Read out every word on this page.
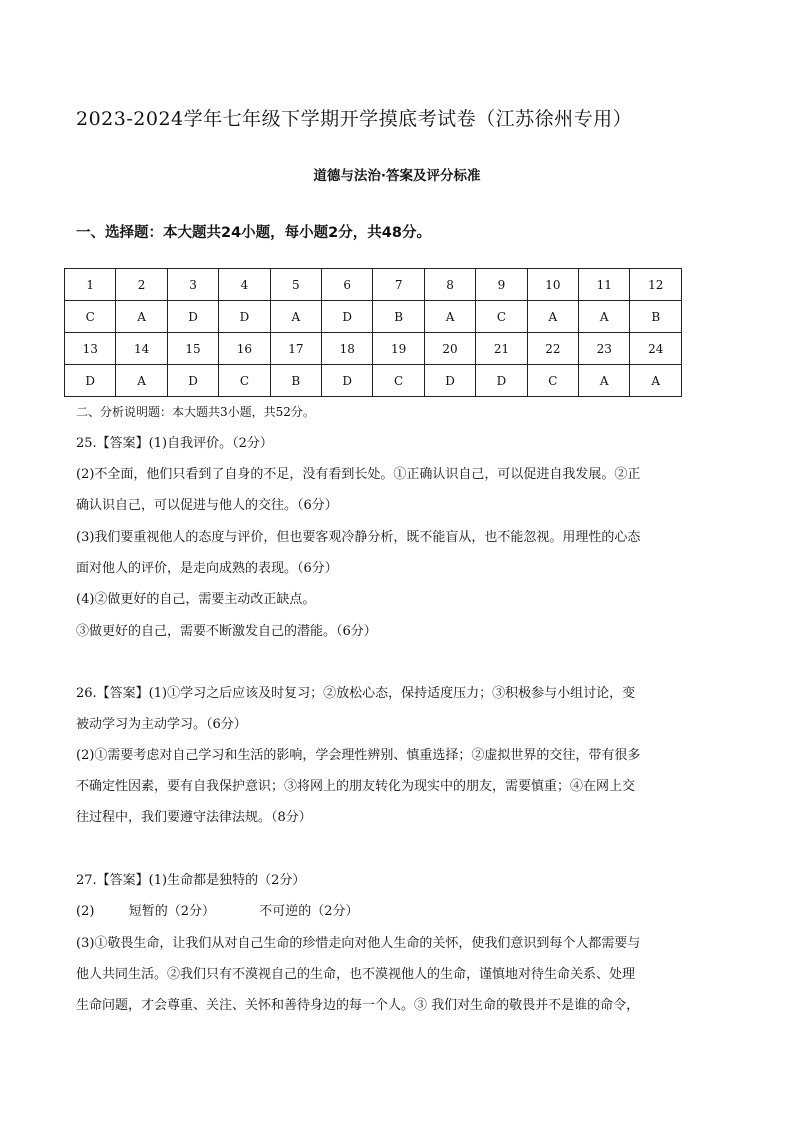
2023-2024学年七年级下学期开学摸底考试卷（江苏徐州专用）
道德与法治·答案及评分标准
一、选择题：本大题共24小题，每小题2分，共48分。
1	2	3	4	5	6	7	8	9	10	11	12
C	A	D	D	A	D	B	A	C	A	A	B
13	14	15	16	17	18	19	20	21	22	23	24
D	A	D	C	B	D	C	D	D	C	A	A
二、分析说明题：本大题共3小题，共52分。
25.【答案】(1)自我评价。（2分）
(2)不全面，他们只看到了自身的不足，没有看到长处。①正确认识自己，可以促进自我发展。②正
确认识自己，可以促进与他人的交往。（6分）
(3)我们要重视他人的态度与评价，但也要客观冷静分析，既不能盲从，也不能忽视。用理性的心态
面对他人的评价，是走向成熟的表现。（6分）
(4)②做更好的自己，需要主动改正缺点。
③做更好的自己，需要不断激发自己的潜能。（6分）
26.【答案】(1)①学习之后应该及时复习；②放松心态，保持适度压力；③积极参与小组讨论，变
被动学习为主动学习。（6分）
(2)①需要考虑对自己学习和生活的影响，学会理性辨别、慎重选择；②虚拟世界的交往，带有很多
不确定性因素，要有自我保护意识；③将网上的朋友转化为现实中的朋友，需要慎重；④在网上交
往过程中，我们要遵守法律法规。（8分）
27.【答案】(1)生命都是独特的（2分）
(2)	短暂的（2分）	不可逆的（2分）
(3)①敬畏生命，让我们从对自己生命的珍惜走向对他人生命的关怀，使我们意识到每个人都需要与
他人共同生活。②我们只有不漠视自己的生命，也不漠视他人的生命，谨慎地对待生命关系、处理
生命问题，才会尊重、关注、关怀和善待身边的每一个人。③ 我们对生命的敬畏并不是谁的命令，
